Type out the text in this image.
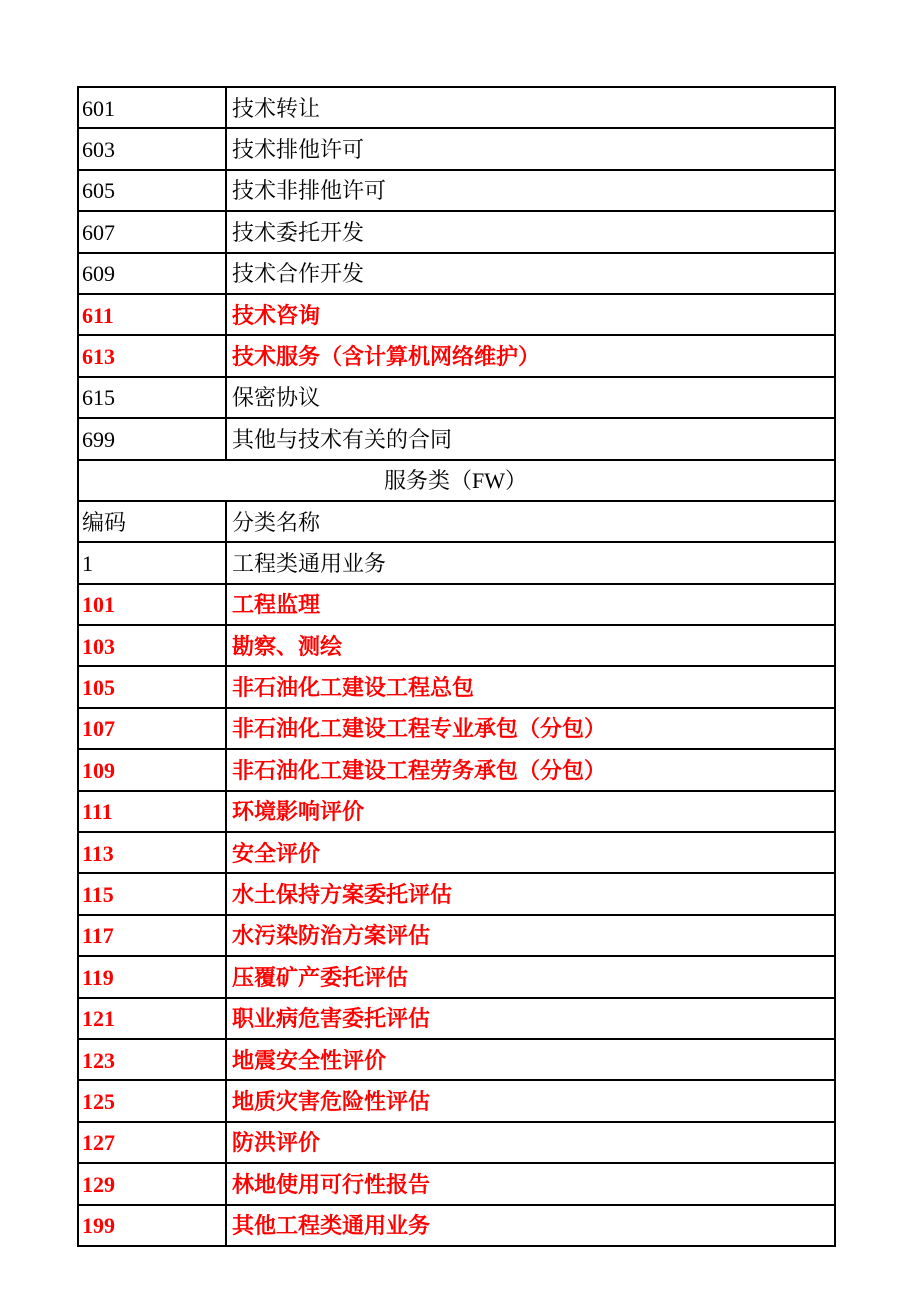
601	技术转让
603	技术排他许可
605	技术非排他许可
607	技术委托开发
609	技术合作开发
611	技术咨询
613	技术服务（含计算机网络维护）
615	保密协议
699	其他与技术有关的合同
服务类（FW）	
编码	分类名称
1	工程类通用业务
101	工程监理
103	勘察、测绘
105	非石油化工建设工程总包
107	非石油化工建设工程专业承包（分包）
109	非石油化工建设工程劳务承包（分包）
111	环境影响评价
113	安全评价
115	水土保持方案委托评估
117	水污染防治方案评估
119	压覆矿产委托评估
121	职业病危害委托评估
123	地震安全性评价
125	地质灾害危险性评估
127	防洪评价
129	林地使用可行性报告
199	其他工程类通用业务
